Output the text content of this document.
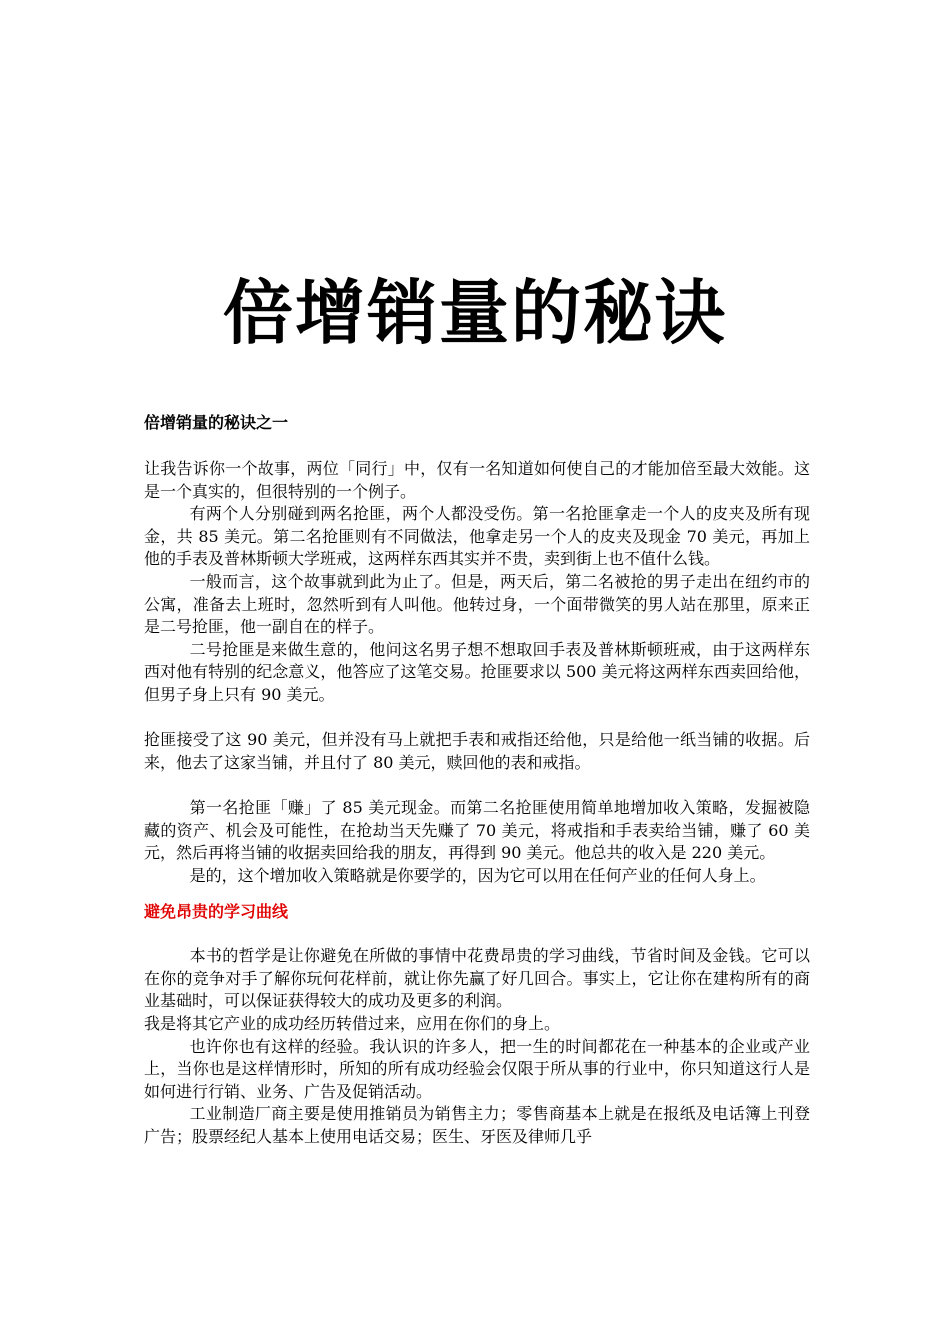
倍增销量的秘诀
倍增销量的秘诀之一

让我告诉你一个故事，两位「同行」中，仅有一名知道如何使自己的才能加倍至最大效能。这是一个真实的，但很特别的一个例子。

有两个人分别碰到两名抢匪，两个人都没受伤。第一名抢匪拿走一个人的皮夹及所有现金，共 85 美元。第二名抢匪则有不同做法，他拿走另一个人的皮夹及现金 70 美元，再加上他的手表及普林斯顿大学班戒，这两样东西其实并不贵，卖到街上也不值什么钱。

一般而言，这个故事就到此为止了。但是，两天后，第二名被抢的男子走出在纽约市的公寓，准备去上班时，忽然听到有人叫他。他转过身，一个面带微笑的男人站在那里，原来正是二号抢匪，他一副自在的样子。

二号抢匪是来做生意的，他问这名男子想不想取回手表及普林斯顿班戒，由于这两样东西对他有特别的纪念意义，他答应了这笔交易。抢匪要求以 500 美元将这两样东西卖回给他，但男子身上只有 90 美元。

抢匪接受了这 90 美元，但并没有马上就把手表和戒指还给他，只是给他一纸当铺的收据。后来，他去了这家当铺，并且付了 80 美元，赎回他的表和戒指。

第一名抢匪「赚」了 85 美元现金。而第二名抢匪使用简单地增加收入策略，发掘被隐藏的资产、机会及可能性，在抢劫当天先赚了 70 美元，将戒指和手表卖给当铺，赚了 60 美元，然后再将当铺的收据卖回给我的朋友，再得到 90 美元。他总共的收入是 220 美元。

是的，这个增加收入策略就是你要学的，因为它可以用在任何产业的任何人身上。

避免昂贵的学习曲线

本书的哲学是让你避免在所做的事情中花费昂贵的学习曲线，节省时间及金钱。它可以在你的竞争对手了解你玩何花样前，就让你先赢了好几回合。事实上，它让你在建构所有的商业基础时，可以保证获得较大的成功及更多的利润。

我是将其它产业的成功经历转借过来，应用在你们的身上。

也许你也有这样的经验。我认识的许多人，把一生的时间都花在一种基本的企业或产业上，当你也是这样情形时，所知的所有成功经验会仅限于所从事的行业中，你只知道这行人是如何进行行销、业务、广告及促销活动。

工业制造厂商主要是使用推销员为销售主力；零售商基本上就是在报纸及电话簿上刊登广告；股票经纪人基本上使用电话交易；医生、牙医及律师几乎
